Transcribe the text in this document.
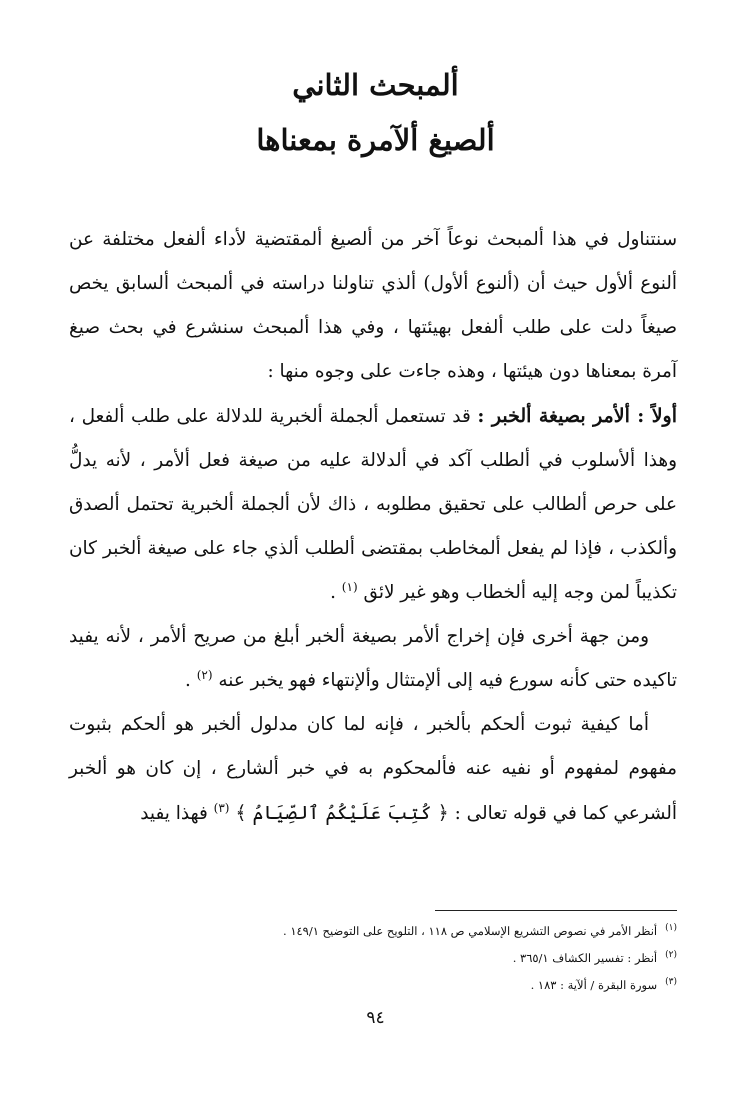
ألمبحث الثاني
ألصيغ ألآمرة بمعناها

سنتناول في هذا ألمبحث نوعاً آخر من ألصيغ ألمقتضية لأداء ألفعل مختلفة عن ألنوع ألأول حيث أن (ألنوع ألأول) ألذي تناولنا دراسته في ألمبحث ألسابق يخص صيغاً دلت على طلب ألفعل بهيئتها ، وفي هذا ألمبحث سنشرع في بحث صيغ آمرة بمعناها دون هيئتها ، وهذه جاءت على وجوه منها :

أولاً : ألأمر بصيغة ألخبر : قد تستعمل ألجملة ألخبرية للدلالة على طلب ألفعل ، وهذا ألأسلوب في ألطلب آكد في ألدلالة عليه من صيغة فعل ألأمر ، لأنه يدلُّ على حرص ألطالب على تحقيق مطلوبه ، ذاك لأن ألجملة ألخبرية تحتمل ألصدق وألكذب ، فإذا لم يفعل ألمخاطب بمقتضى ألطلب ألذي جاء على صيغة ألخبر كان تكذيباً لمن وجه إليه ألخطاب وهو غير لائق $^{(١)}$ .

ومن جهة أخرى فإن إخراج ألأمر بصيغة ألخبر أبلغ من صريح ألأمر ، لأنه يفيد تاكيده حتى كأنه سورع فيه إلى ألإمتثال وألإنتهاء فهو يخبر عنه $^{(٢)}$ .

أما كيفية ثبوت ألحكم بألخبر ، فإنه لما كان مدلول ألخبر هو ألحكم بثبوت مفهوم لمفهوم أو نفيه عنه فألمحكوم به في خبر ألشارع ، إن كان هو ألخبر ألشرعي كما في قوله تعالى : ﴿ كُتِبَ عَلَيْكُمُ ٱلصِّيَامُ ﴾ $^{(٣)}$ فهذا يفيد

$^{(١)}$أنظر الأمر في نصوص التشريع الإسلامي ص ١١٨ ، التلويح على التوضيح ١٤٩/١ .
$^{(٢)}$أنظر : تفسير الكشاف ٣٦٥/١ .
$^{(٣)}$سورة البقرة / ألآية : ١٨٣ .
٩٤
